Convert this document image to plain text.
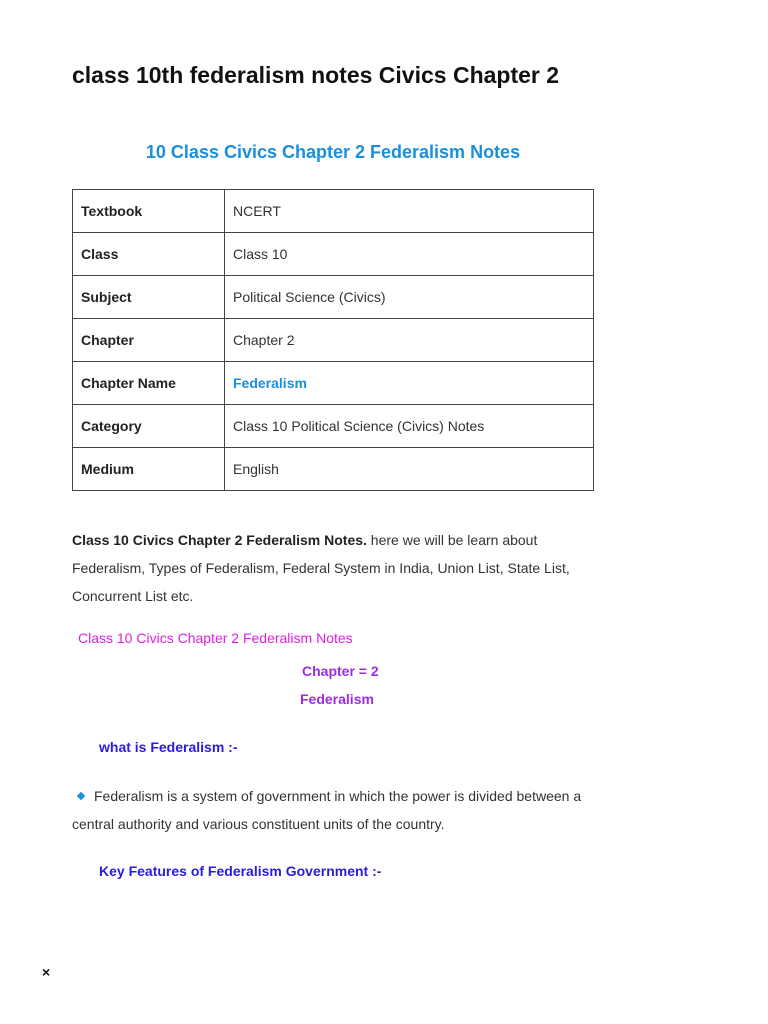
class 10th federalism notes Civics Chapter 2
10 Class Civics Chapter 2 Federalism Notes
Textbook	NCERT
Class	Class 10
Subject	Political Science (Civics)
Chapter	Chapter 2
Chapter Name	Federalism
Category	Class 10 Political Science (Civics) Notes
Medium	English

Class 10 Civics Chapter 2 Federalism Notes. here we will be learn about Federalism, Types of Federalism, Federal System in India, Union List, State List, Concurrent List etc.

Class 10 Civics Chapter 2 Federalism Notes

Chapter = 2

Federalism

what is Federalism :-

Federalism is a system of government in which the power is divided between a central authority and various constituent units of the country.

Key Features of Federalism Government :-

×
